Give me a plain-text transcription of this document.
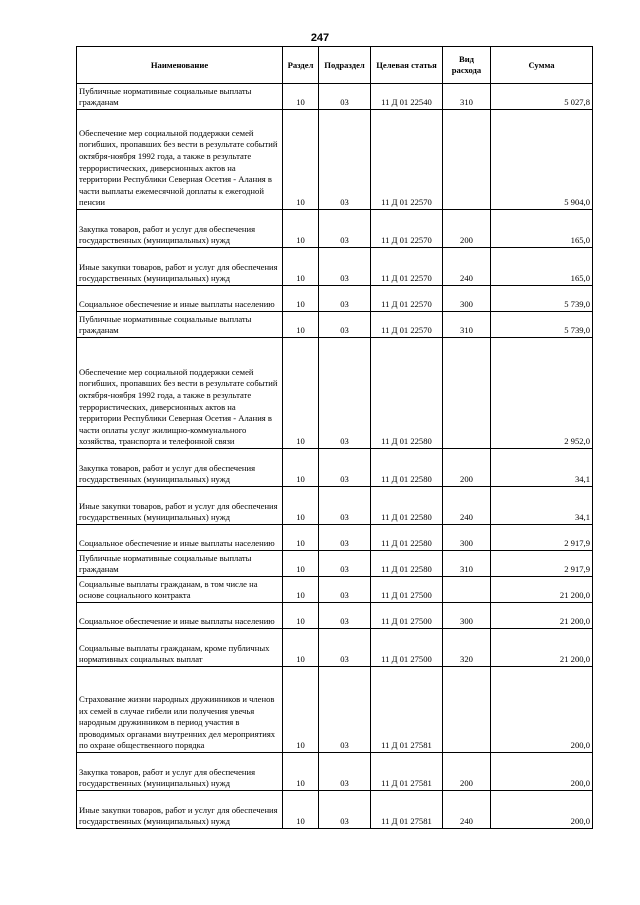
247
Наименование	Раздел	Подраздел	Целевая статья	Вид расхода	Сумма

Публичные нормативные социальные выплаты гражданам	10	03	11 Д 01 22540	310	5 027,8

Обеспечение мер социальной поддержки семей погибших, пропавших без вести в результате событий октября-ноября 1992 года, а также в результате террористических, диверсионных актов на территории Республики Северная Осетия - Алания в части выплаты ежемесячной доплаты к ежегодной пенсии	10	03	11 Д 01 22570		5 904,0

Закупка товаров, работ и услуг для обеспечения государственных (муниципальных) нужд	10	03	11 Д 01 22570	200	165,0

Иные закупки товаров, работ и услуг для обеспечения государственных (муниципальных) нужд	10	03	11 Д 01 22570	240	165,0

Социальное обеспечение и иные выплаты населению	10	03	11 Д 01 22570	300	5 739,0

Публичные нормативные социальные выплаты гражданам	10	03	11 Д 01 22570	310	5 739,0

Обеспечение мер социальной поддержки семей погибших, пропавших без вести в результате событий октября-ноября 1992 года, а также в результате террористических, диверсионных актов на территории Республики Северная Осетия - Алания в части оплаты услуг жилищно-коммунального хозяйства, транспорта и телефонной связи	10	03	11 Д 01 22580		2 952,0

Закупка товаров, работ и услуг для обеспечения государственных (муниципальных) нужд	10	03	11 Д 01 22580	200	34,1

Иные закупки товаров, работ и услуг для обеспечения государственных (муниципальных) нужд	10	03	11 Д 01 22580	240	34,1

Социальное обеспечение и иные выплаты населению	10	03	11 Д 01 22580	300	2 917,9

Публичные нормативные социальные выплаты гражданам	10	03	11 Д 01 22580	310	2 917,9

Социальные выплаты гражданам, в том числе на основе социального контракта	10	03	11 Д 01 27500		21 200,0

Социальное обеспечение и иные выплаты населению	10	03	11 Д 01 27500	300	21 200,0

Социальные выплаты гражданам, кроме публичных нормативных социальных выплат	10	03	11 Д 01 27500	320	21 200,0

Страхование жизни народных дружинников и членов их семей в случае гибели или получения увечья народным дружинником в период участия в проводимых органами внутренних дел мероприятиях по охране общественного порядка	10	03	11 Д 01 27581		200,0

Закупка товаров, работ и услуг для обеспечения государственных (муниципальных) нужд	10	03	11 Д 01 27581	200	200,0

Иные закупки товаров, работ и услуг для обеспечения государственных (муниципальных) нужд	10	03	11 Д 01 27581	240	200,0
